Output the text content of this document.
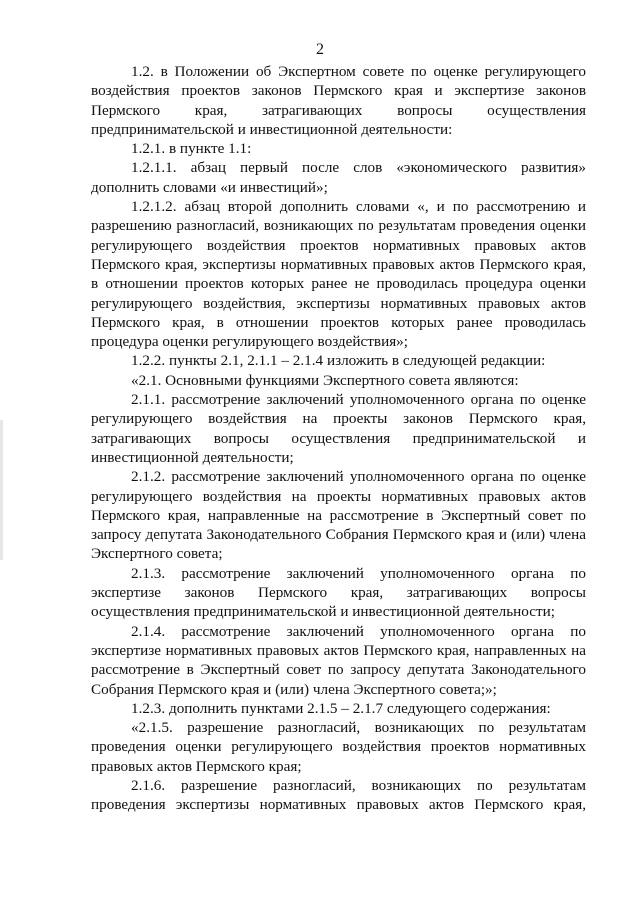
2

1.2. в Положении об Экспертном совете по оценке регулирующего воздействия проектов законов Пермского края и экспертизе законов Пермского края, затрагивающих вопросы осуществления предпринимательской и инвестиционной деятельности:

1.2.1. в пункте 1.1:

1.2.1.1. абзац первый после слов «экономического развития» дополнить словами «и инвестиций»;

1.2.1.2. абзац второй дополнить словами «, и по рассмотрению и разрешению разногласий, возникающих по результатам проведения оценки регулирующего воздействия проектов нормативных правовых актов Пермского края, экспертизы нормативных правовых актов Пермского края, в отношении проектов которых ранее не проводилась процедура оценки регулирующего воздействия, экспертизы нормативных правовых актов Пермского края, в отношении проектов которых ранее проводилась процедура оценки регулирующего воздействия»;

1.2.2. пункты 2.1, 2.1.1 – 2.1.4 изложить в следующей редакции:

«2.1. Основными функциями Экспертного совета являются:

2.1.1. рассмотрение заключений уполномоченного органа по оценке регулирующего воздействия на проекты законов Пермского края, затрагивающих вопросы осуществления предпринимательской и инвестиционной деятельности;

2.1.2. рассмотрение заключений уполномоченного органа по оценке регулирующего воздействия на проекты нормативных правовых актов Пермского края, направленные на рассмотрение в Экспертный совет по запросу депутата Законодательного Собрания Пермского края и (или) члена Экспертного совета;

2.1.3. рассмотрение заключений уполномоченного органа по экспертизе законов Пермского края, затрагивающих вопросы осуществления предпринимательской и инвестиционной деятельности;

2.1.4. рассмотрение заключений уполномоченного органа по экспертизе нормативных правовых актов Пермского края, направленных на рассмотрение в Экспертный совет по запросу депутата Законодательного Собрания Пермского края и (или) члена Экспертного совета;»;

1.2.3. дополнить пунктами 2.1.5 – 2.1.7 следующего содержания:

«2.1.5. разрешение разногласий, возникающих по результатам проведения оценки регулирующего воздействия проектов нормативных правовых актов Пермского края;

2.1.6. разрешение разногласий, возникающих по результатам проведения экспертизы нормативных правовых актов Пермского края,
